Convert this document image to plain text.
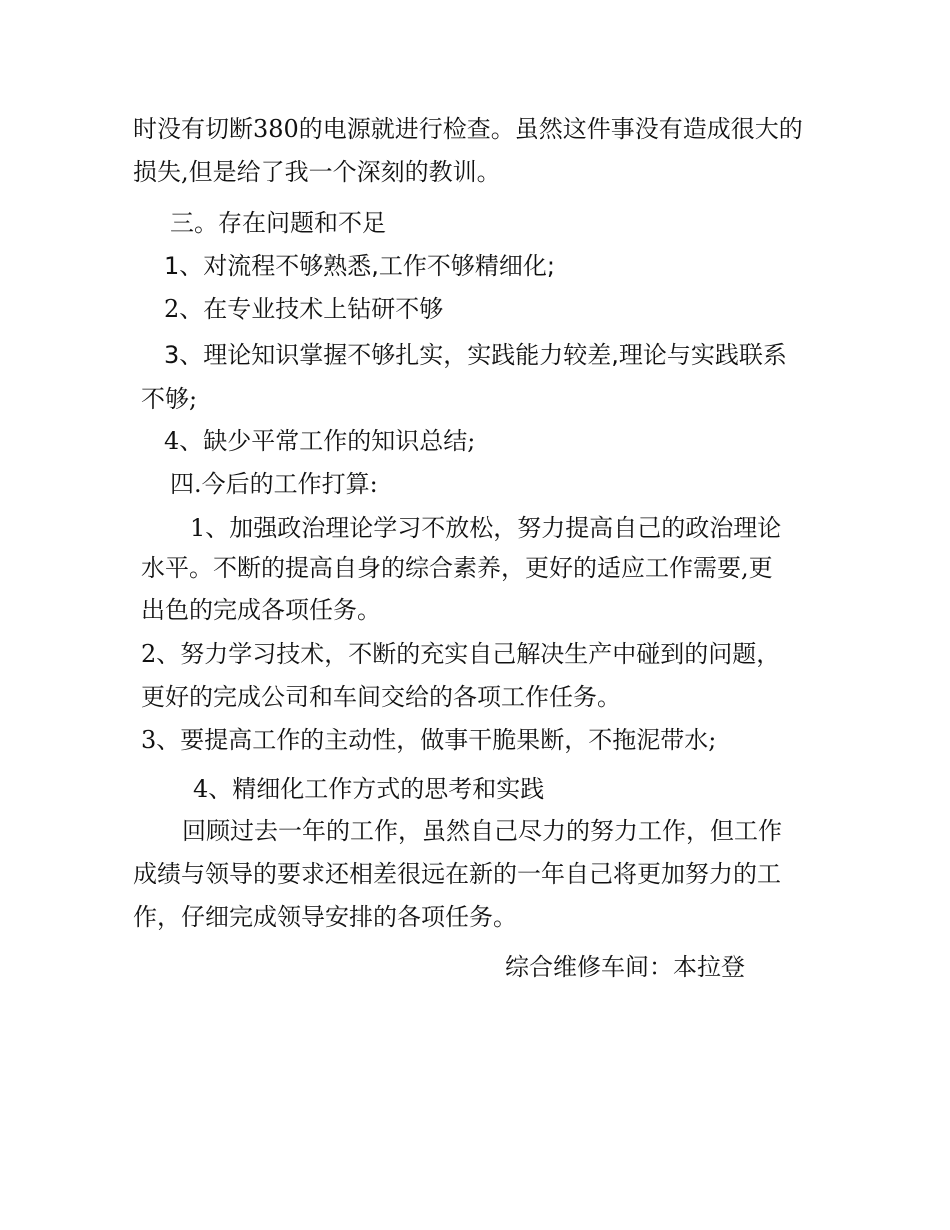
时没有切断380的电源就进行检查。虽然这件事没有造成很大的
损失,但是给了我一个深刻的教训。
三。存在问题和不足
1、对流程不够熟悉,工作不够精细化;
2、在专业技术上钻研不够
3、理论知识掌握不够扎实，实践能力较差,理论与实践联系
不够;
4、缺少平常工作的知识总结;
四.今后的工作打算:
1、加强政治理论学习不放松，努力提高自己的政治理论
水平。不断的提高自身的综合素养，更好的适应工作需要,更
出色的完成各项任务。
2、努力学习技术，不断的充实自己解决生产中碰到的问题，
更好的完成公司和车间交给的各项工作任务。
3、要提高工作的主动性，做事干脆果断，不拖泥带水;
4、精细化工作方式的思考和实践
回顾过去一年的工作，虽然自己尽力的努力工作，但工作
成绩与领导的要求还相差很远在新的一年自己将更加努力的工
作，仔细完成领导安排的各项任务。
综合维修车间：本拉登
